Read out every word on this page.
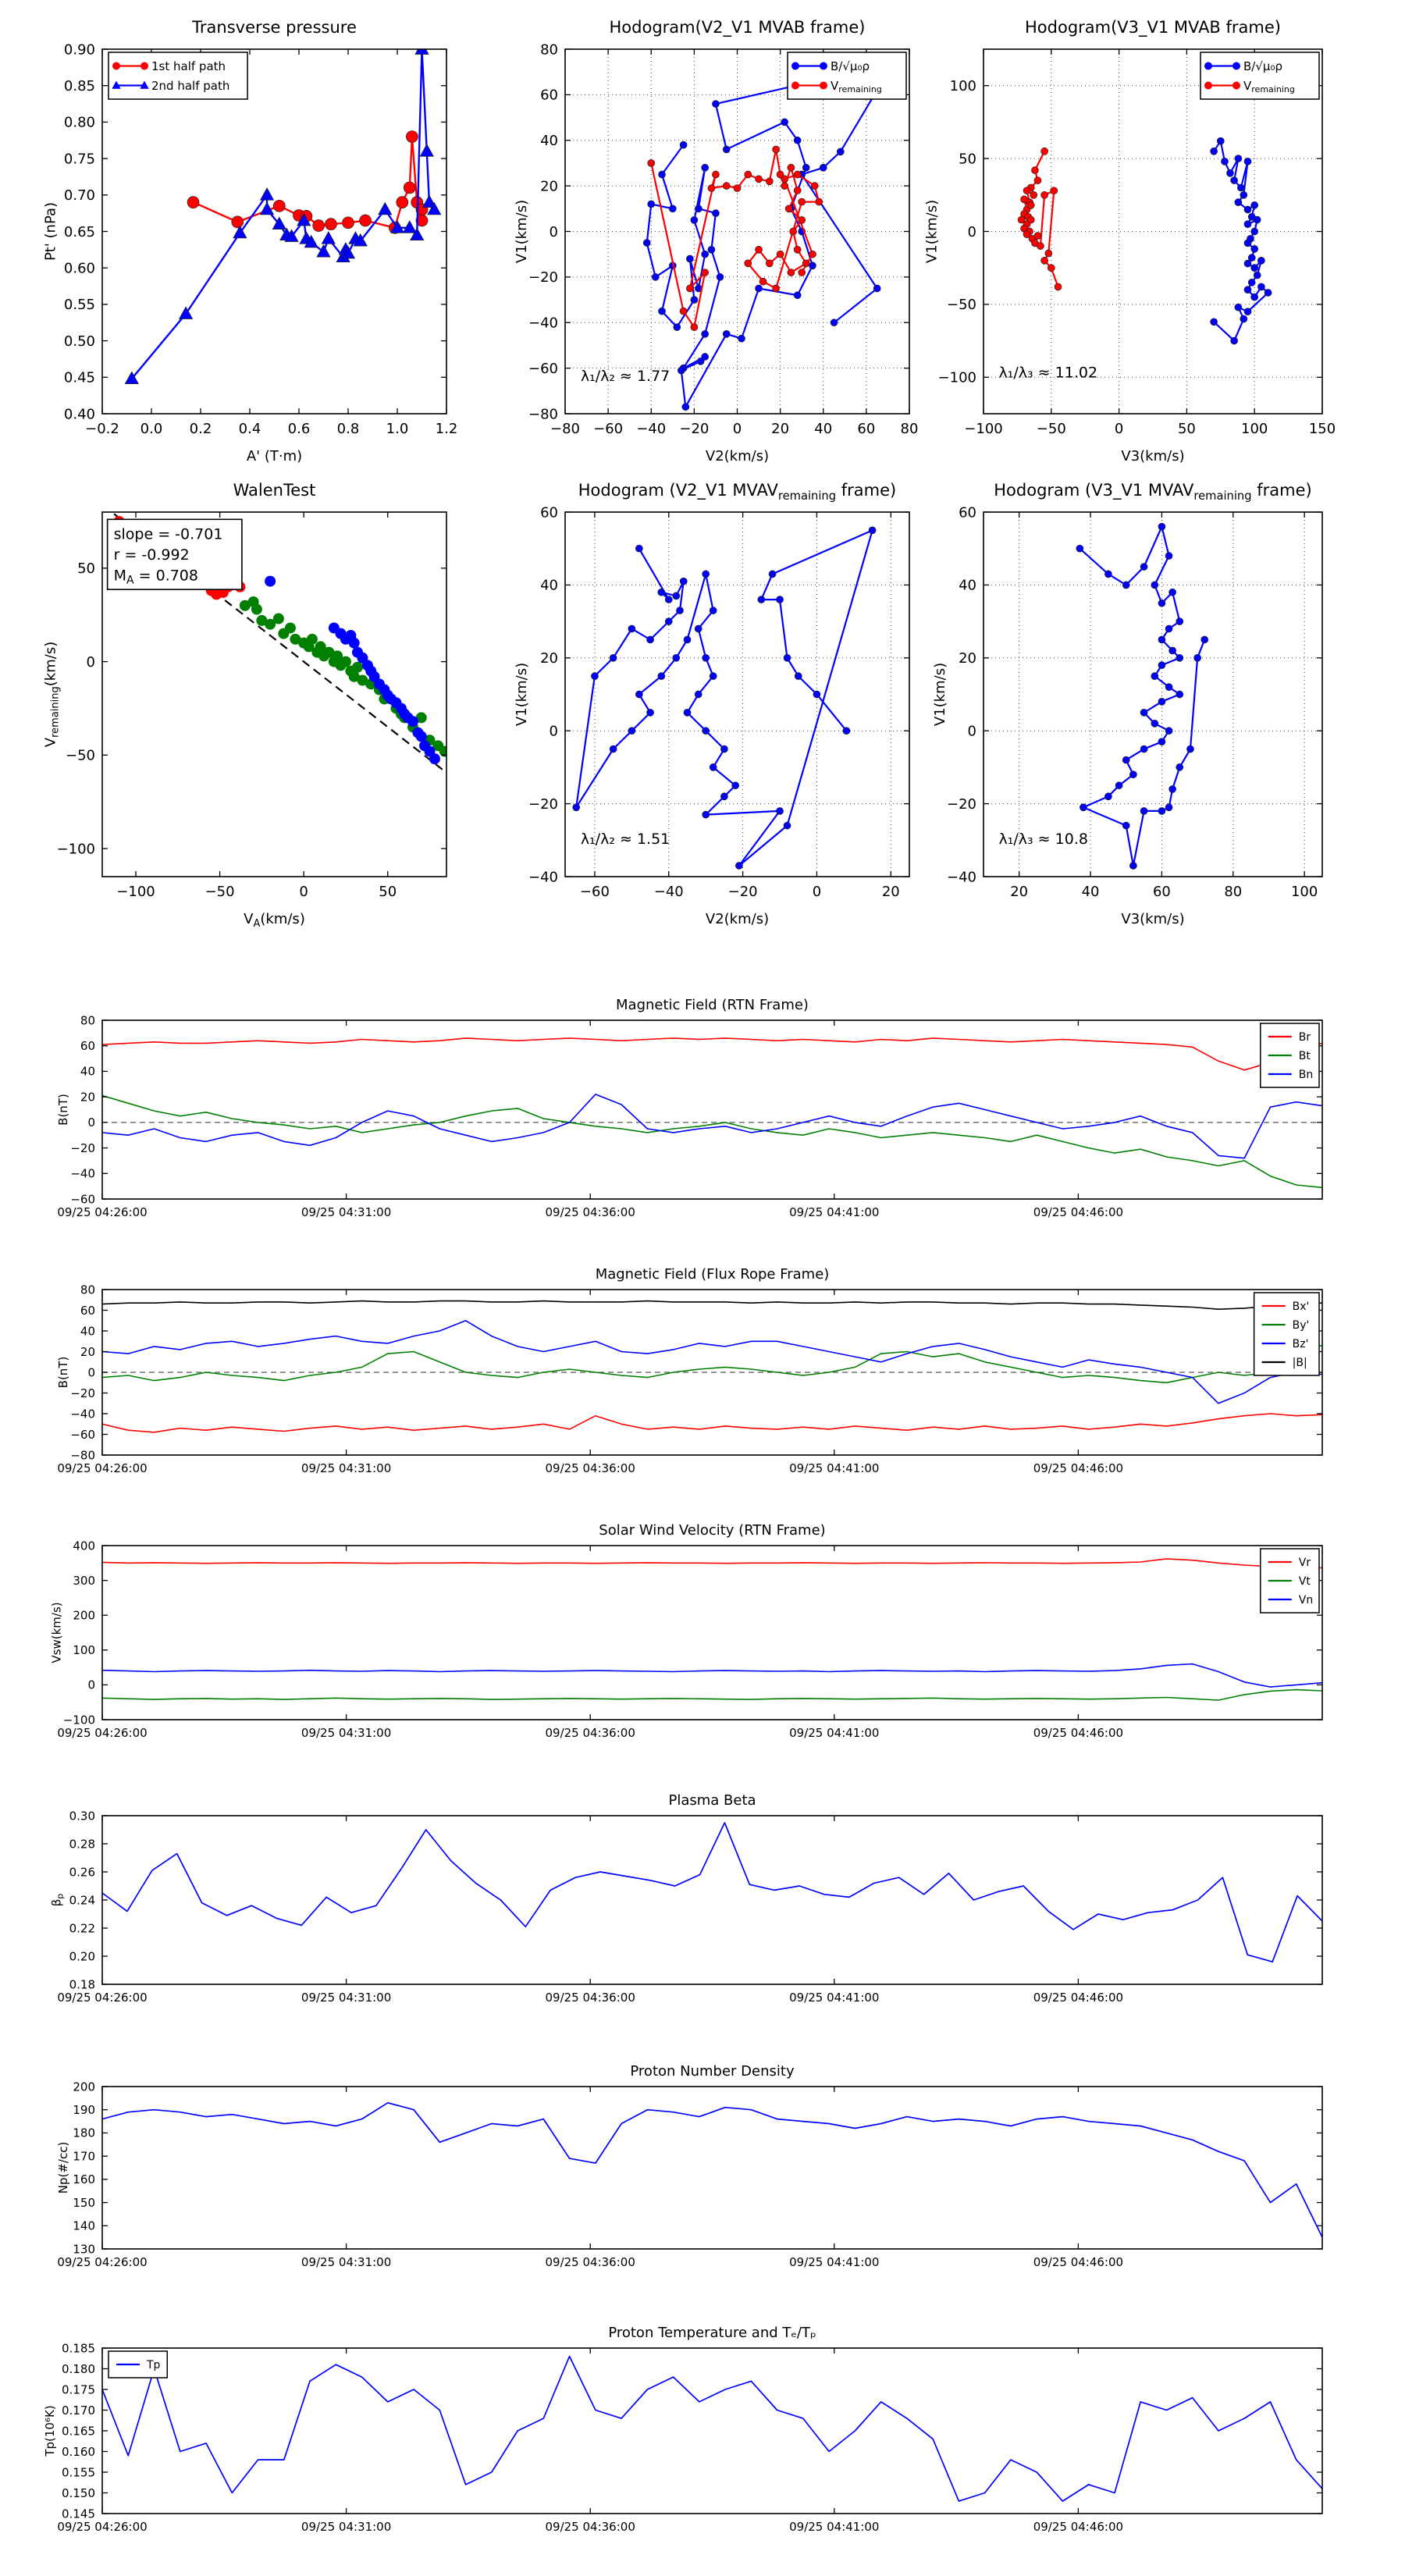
Transverse pressure
−0.2 0.0 0.2 0.4 0.6 0.8 1.0 1.2
0.40
0.45
0.50
0.55
0.60
0.65
0.70
0.75
0.80
0.85
0.90
A' (T·m)
Pt' (nPa)
1st half path
2nd half path
Hodogram(V2_V1 MVAB frame)
−80 −60 −40 −20 0 20 40 60 80
−80
−60
−40
−20
0
20
40
60
80
V2(km/s)
V1(km/s)
B/√μ₀ρ
$V_{remaining}$
λ₁/λ₂ ≈ 1.77
Hodogram(V3_V1 MVAB frame)
−100 −50	0	50	100	150
−100
−50
0
50
100
V3(km/s)
V1(km/s)
B/√μ₀ρ
$V_{remaining}$
λ₁/λ₃ ≈ 11.02
WalenTest
−100	−50	0	50
−100
−50
0
50
$V_A(km/s)$
$V_{remaining}(km/s)$
slope = -0.701
r = -0.992
$M_A = 0.708$
Hodogram (V2_V1 $MVAV_{remaining}$ frame)
−60	−40	−20	0	20
−40
−20
0
20
40
60
V2(km/s)
V1(km/s)
λ₁/λ₂ ≈ 1.51
Hodogram (V3_V1 $MVAV_{remaining}$ frame)
20	40	60	80	100
−40
−20
0
20
40
60
V3(km/s)
V1(km/s)
λ₁/λ₃ ≈ 10.8
Magnetic Field (RTN Frame)
09/25 04:26:00	09/25 04:31:00	09/25 04:36:00	09/25 04:41:00	09/25 04:46:00
−60
−40
−20
0
20
40
60
80
B(nT)
Br
Bt
Bn
Magnetic Field (Flux Rope Frame)
09/25 04:26:00	09/25 04:31:00	09/25 04:36:00	09/25 04:41:00	09/25 04:46:00
−80
−60
−40
−20
0
20
40
60
80
B(nT)
Bx'
By'
Bz'
|B|
Solar Wind Velocity (RTN Frame)
09/25 04:26:00	09/25 04:31:00	09/25 04:36:00	09/25 04:41:00	09/25 04:46:00
−100
0
100
200
300
400
Vsw(km/s)
Vr
Vt
Vn
Plasma Beta
09/25 04:26:00	09/25 04:31:00	09/25 04:36:00	09/25 04:41:00	09/25 04:46:00
0.18
0.20
0.22
0.24
0.26
0.28
0.30
$\beta_p$
Proton Number Density
09/25 04:26:00	09/25 04:31:00	09/25 04:36:00	09/25 04:41:00	09/25 04:46:00
130
140
150
160
170
180
190
200
Np(#/cc)
Proton Temperature and Tₑ/Tₚ
09/25 04:26:00	09/25 04:31:00	09/25 04:36:00	09/25 04:41:00	09/25 04:46:00
0.145
0.150
0.155
0.160
0.165
0.170
0.175
0.180
0.185
Tp(10⁶K)
Tp
